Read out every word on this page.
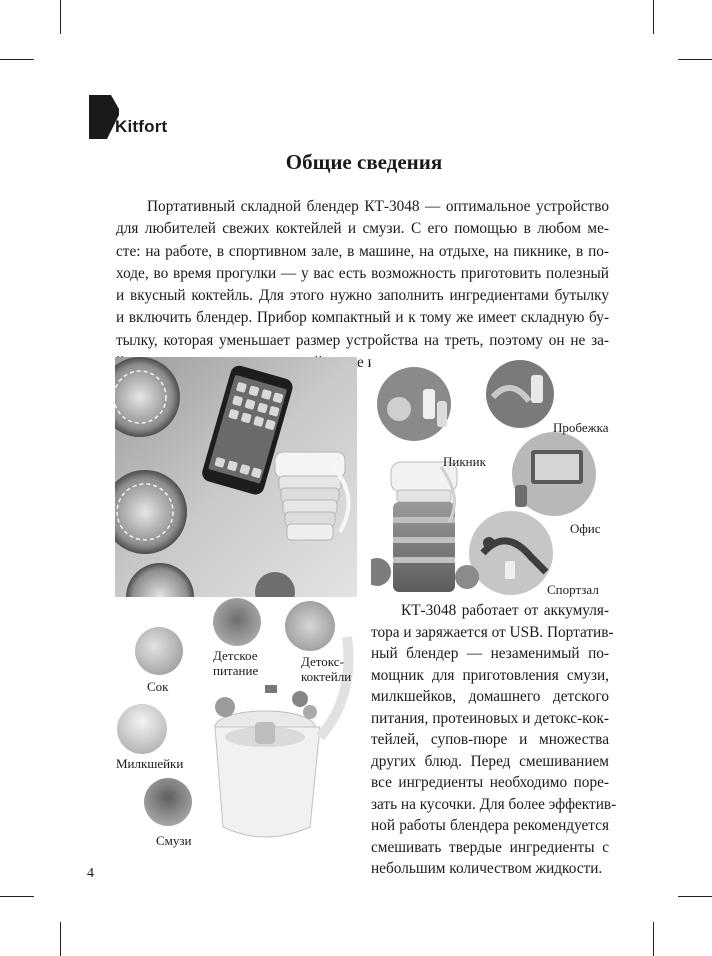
Kitfort
Общие сведения
Портативный складной блендер КТ-3048 — оптимальное устройство
для любителей свежих коктейлей и смузи. С его помощью в любом ме-
сте: на работе, в спортивном зале, в машине, на отдыхе, на пикнике, в по-
ходе, во время прогулки — у вас есть возможность приготовить полезный
и вкусный коктейль. Для этого нужно заполнить ингредиентами бутылку
и включить блендер. Прибор компактный и к тому же имеет складную бу-
тылку, которая уменьшает размер устройства на треть, поэтому он не за-
Пикник
Пробежка
Офис
Спортзал
Сок
Детское
питание
Детокс-
коктейли
Милкшейки
Смузи
КТ-3048 работает от аккумуля-
тора и заряжается от USB. Портатив-
ный блендер — незаменимый по-
мощник для приготовления смузи,
милкшейков, домашнего детского
питания, протеиновых и детокс-кок-
тейлей, супов-пюре и множества
других блюд. Перед смешиванием
все ингредиенты необходимо поре-
зать на кусочки. Для более эффектив-
ной работы блендера рекомендуется
смешивать твердые ингредиенты с
небольшим количеством жидкости.
4
